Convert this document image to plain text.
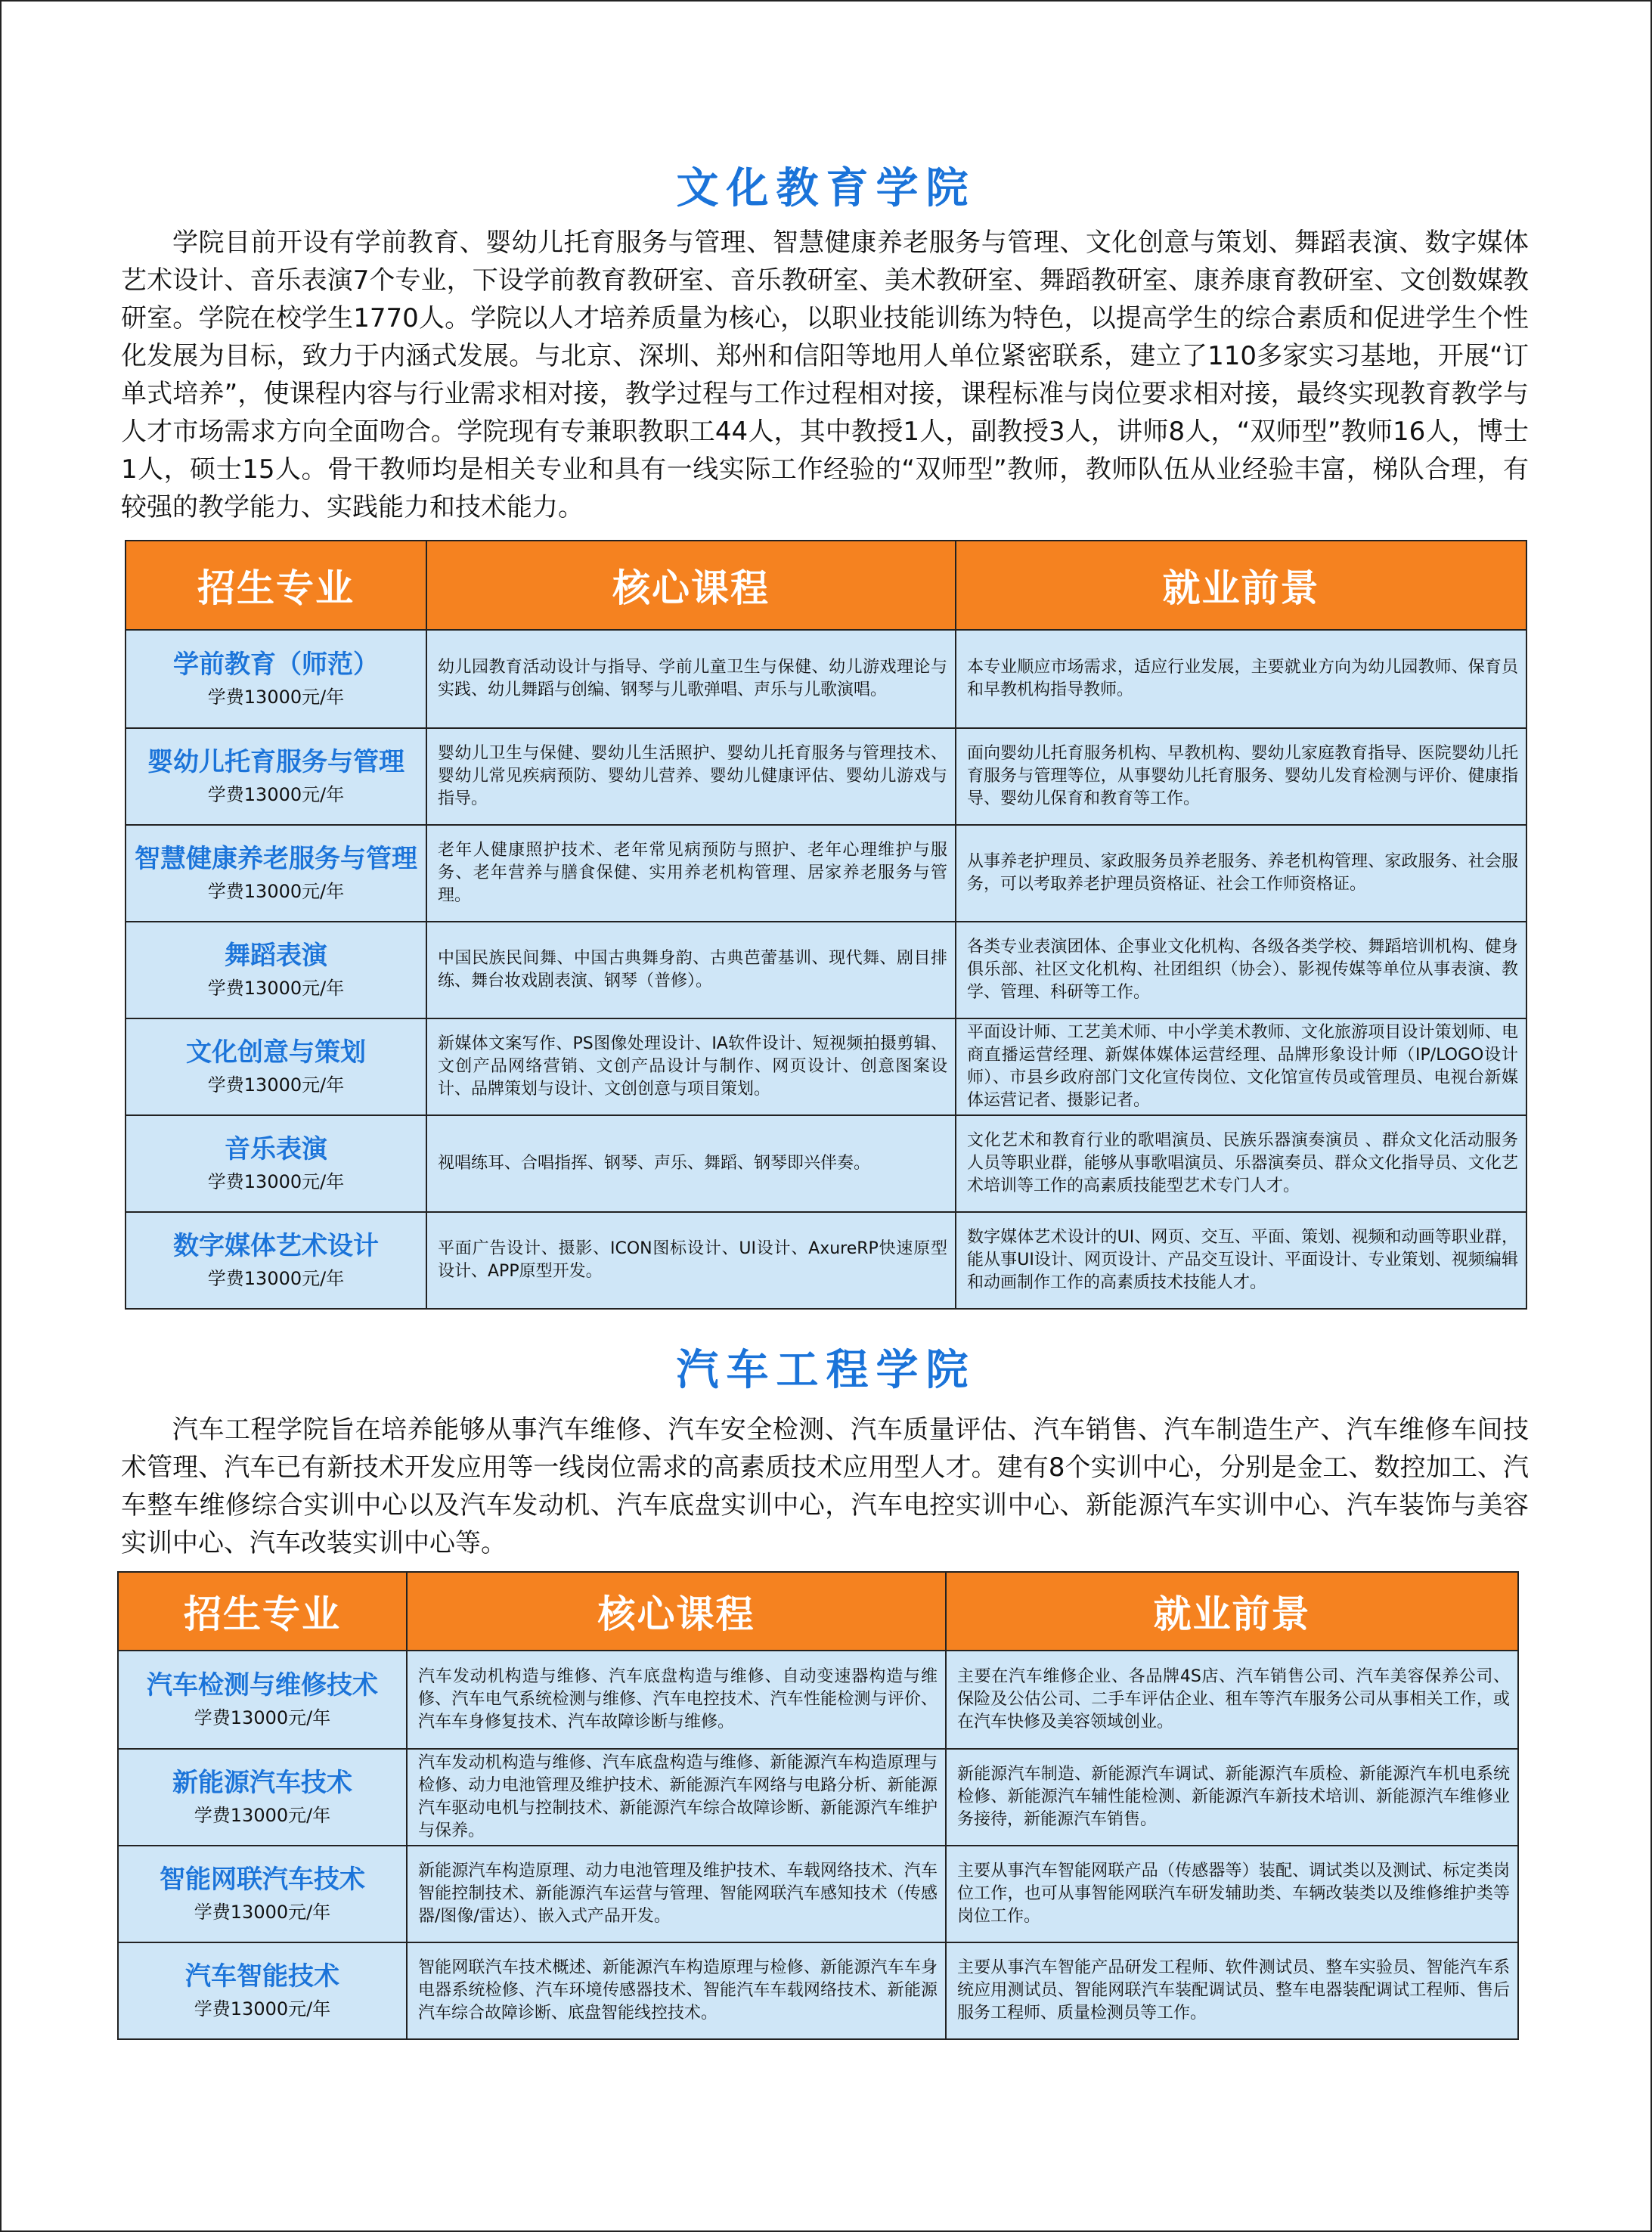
文化教育学院

学院目前开设有学前教育、婴幼儿托育服务与管理、智慧健康养老服务与管理、文化创意与策划、舞蹈表演、数字媒体艺术设计、音乐表演7个专业，下设学前教育教研室、音乐教研室、美术教研室、舞蹈教研室、康养康育教研室、文创数媒教研室。学院在校学生1770人。学院以人才培养质量为核心，以职业技能训练为特色，以提高学生的综合素质和促进学生个性化发展为目标，致力于内涵式发展。与北京、深圳、郑州和信阳等地用人单位紧密联系，建立了110多家实习基地，开展“订单式培养”，使课程内容与行业需求相对接，教学过程与工作过程相对接，课程标准与岗位要求相对接，最终实现教育教学与人才市场需求方向全面吻合。学院现有专兼职教职工44人，其中教授1人，副教授3人，讲师8人，“双师型”教师16人，博士1人，硕士15人。骨干教师均是相关专业和具有一线实际工作经验的“双师型”教师，教师队伍从业经验丰富，梯队合理，有较强的教学能力、实践能力和技术能力。

招生专业	核心课程	就业前景

学前教育（师范）
学费13000元/年	幼儿园教育活动设计与指导、学前儿童卫生与保健、幼儿游戏理论与实践、幼儿舞蹈与创编、钢琴与儿歌弹唱、声乐与儿歌演唱。	本专业顺应市场需求，适应行业发展，主要就业方向为幼儿园教师、保育员和早教机构指导教师。

婴幼儿托育服务与管理
学费13000元/年	婴幼儿卫生与保健、婴幼儿生活照护、婴幼儿托育服务与管理技术、婴幼儿常见疾病预防、婴幼儿营养、婴幼儿健康评估、婴幼儿游戏与指导。	面向婴幼儿托育服务机构、早教机构、婴幼儿家庭教育指导、医院婴幼儿托育服务与管理等位，从事婴幼儿托育服务、婴幼儿发育检测与评价、健康指导、婴幼儿保育和教育等工作。

智慧健康养老服务与管理
学费13000元/年	老年人健康照护技术、老年常见病预防与照护、老年心理维护与服务、老年营养与膳食保健、实用养老机构管理、居家养老服务与管理。	从事养老护理员、家政服务员养老服务、养老机构管理、家政服务、社会服务，可以考取养老护理员资格证、社会工作师资格证。

舞蹈表演
学费13000元/年	中国民族民间舞、中国古典舞身韵、古典芭蕾基训、现代舞、剧目排练、舞台妆戏剧表演、钢琴（普修）。	各类专业表演团体、企事业文化机构、各级各类学校、舞蹈培训机构、健身俱乐部、社区文化机构、社团组织（协会）、影视传媒等单位从事表演、教学、管理、科研等工作。

文化创意与策划
学费13000元/年	新媒体文案写作、PS图像处理设计、IA软件设计、短视频拍摄剪辑、文创产品网络营销、文创产品设计与制作、网页设计、创意图案设计、品牌策划与设计、文创创意与项目策划。	平面设计师、工艺美术师、中小学美术教师、文化旅游项目设计策划师、电商直播运营经理、新媒体媒体运营经理、品牌形象设计师（IP/LOGO设计师）、市县乡政府部门文化宣传岗位、文化馆宣传员或管理员、电视台新媒体运营记者、摄影记者。

音乐表演
学费13000元/年	视唱练耳、合唱指挥、钢琴、声乐、舞蹈、钢琴即兴伴奏。	文化艺术和教育行业的歌唱演员、民族乐器演奏演员 、群众文化活动服务人员等职业群，能够从事歌唱演员、乐器演奏员、群众文化指导员、文化艺术培训等工作的高素质技能型艺术专门人才。

数字媒体艺术设计
学费13000元/年	平面广告设计、摄影、ICON图标设计、UI设计、AxureRP快速原型设计、APP原型开发。	数字媒体艺术设计的UI、网页、交互、平面、策划、视频和动画等职业群，能从事UI设计、网页设计、产品交互设计、平面设计、专业策划、视频编辑和动画制作工作的高素质技术技能人才。
汽车工程学院

汽车工程学院旨在培养能够从事汽车维修、汽车安全检测、汽车质量评估、汽车销售、汽车制造生产、汽车维修车间技术管理、汽车已有新技术开发应用等一线岗位需求的高素质技术应用型人才。建有8个实训中心，分别是金工、数控加工、汽车整车维修综合实训中心以及汽车发动机、汽车底盘实训中心，汽车电控实训中心、新能源汽车实训中心、汽车装饰与美容实训中心、汽车改装实训中心等。

招生专业	核心课程	就业前景

汽车检测与维修技术
学费13000元/年	汽车发动机构造与维修、汽车底盘构造与维修、自动变速器构造与维修、汽车电气系统检测与维修、汽车电控技术、汽车性能检测与评价、汽车车身修复技术、汽车故障诊断与维修。	主要在汽车维修企业、各品牌4S店、汽车销售公司、汽车美容保养公司、保险及公估公司、二手车评估企业、租车等汽车服务公司从事相关工作，或在汽车快修及美容领域创业。

新能源汽车技术
学费13000元/年	汽车发动机构造与维修、汽车底盘构造与维修、新能源汽车构造原理与检修、动力电池管理及维护技术、新能源汽车网络与电路分析、新能源汽车驱动电机与控制技术、新能源汽车综合故障诊断、新能源汽车维护与保养。	新能源汽车制造、新能源汽车调试、新能源汽车质检、新能源汽车机电系统检修、新能源汽车辅性能检测、新能源汽车新技术培训、新能源汽车维修业务接待，新能源汽车销售。

智能网联汽车技术
学费13000元/年	新能源汽车构造原理、动力电池管理及维护技术、车载网络技术、汽车智能控制技术、新能源汽车运营与管理、智能网联汽车感知技术（传感器/图像/雷达）、嵌入式产品开发。	主要从事汽车智能网联产品（传感器等）装配、调试类以及测试、标定类岗位工作，也可从事智能网联汽车研发辅助类、车辆改装类以及维修维护类等岗位工作。

汽车智能技术
学费13000元/年	智能网联汽车技术概述、新能源汽车构造原理与检修、新能源汽车车身电器系统检修、汽车环境传感器技术、智能汽车车载网络技术、新能源汽车综合故障诊断、底盘智能线控技术。	主要从事汽车智能产品研发工程师、软件测试员、整车实验员、智能汽车系统应用测试员、智能网联汽车装配调试员、整车电器装配调试工程师、售后服务工程师、质量检测员等工作。
